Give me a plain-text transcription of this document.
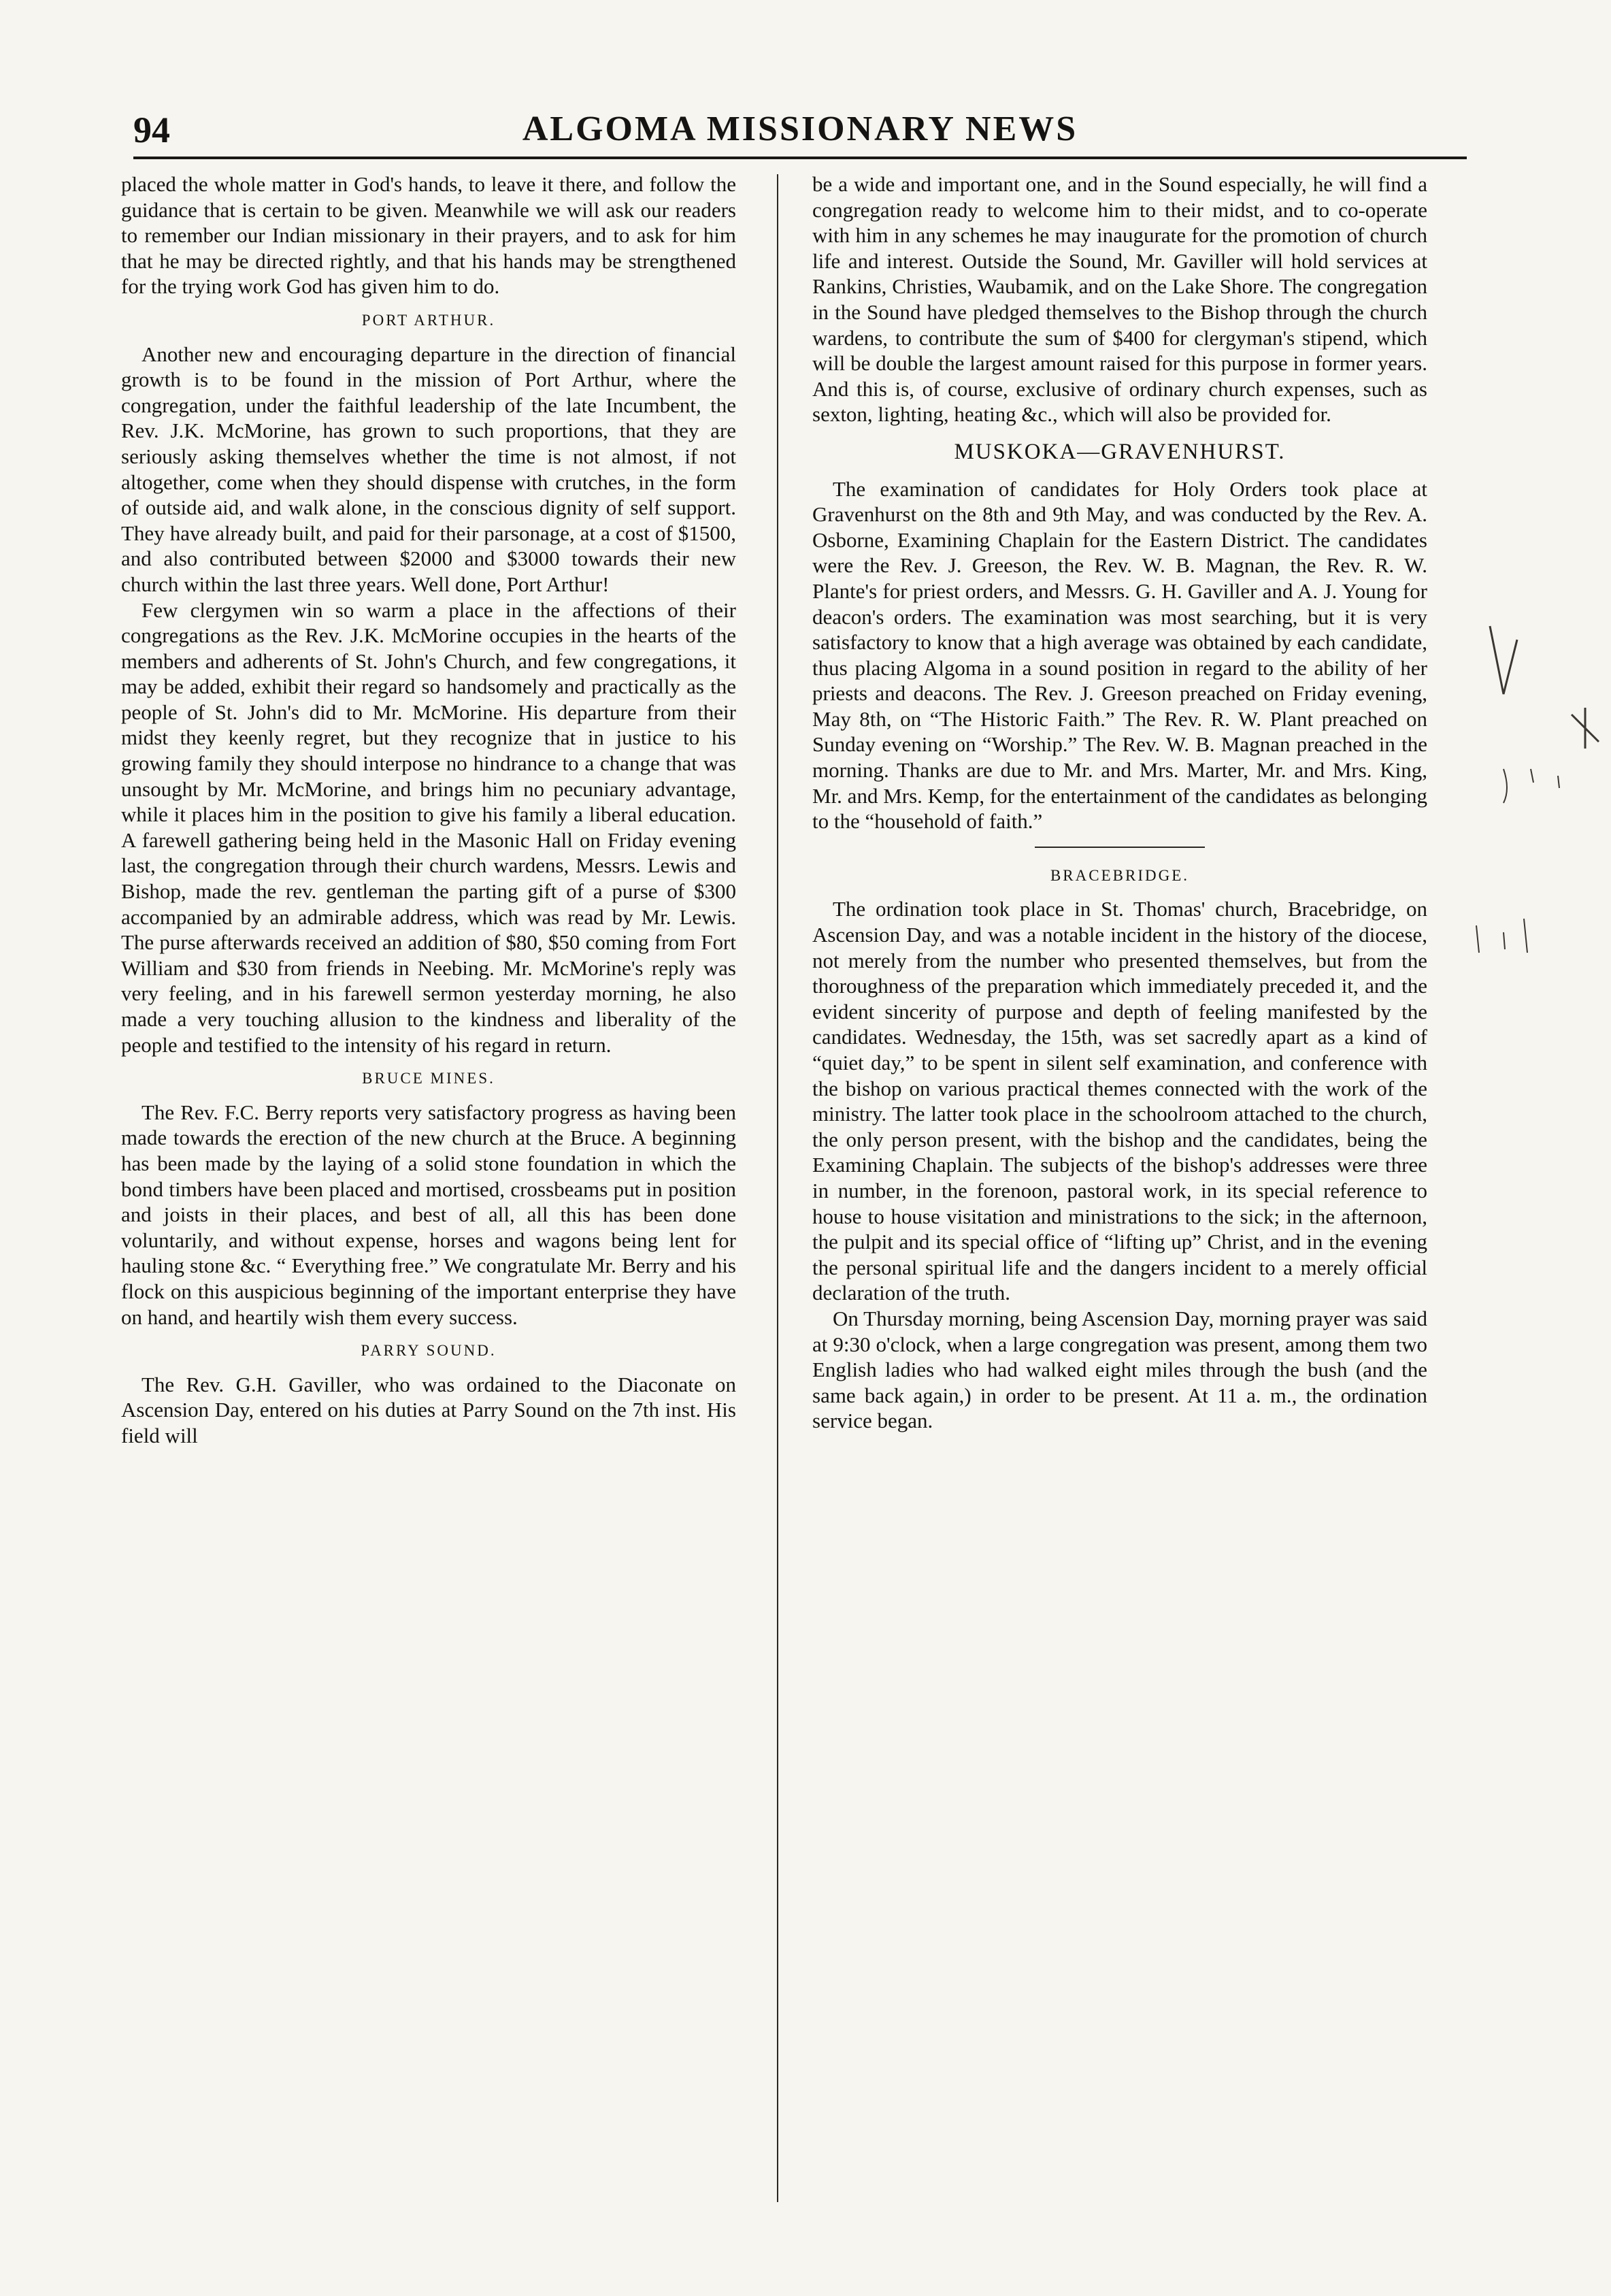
94	ALGOMA MISSIONARY NEWS

placed the whole matter in God's hands, to leave it there, and follow the guidance that is certain to be given. Meanwhile we will ask our readers to remember our Indian missionary in their prayers, and to ask for him that he may be directed rightly, and that his hands may be strengthened for the trying work God has given him to do.

PORT ARTHUR.

Another new and encouraging departure in the direction of financial growth is to be found in the mission of Port Arthur, where the congregation, under the faithful leadership of the late Incumbent, the Rev. J.K. McMorine, has grown to such proportions, that they are seriously asking themselves whether the time is not almost, if not altogether, come when they should dispense with crutches, in the form of outside aid, and walk alone, in the conscious dignity of self support. They have already built, and paid for their parsonage, at a cost of $1500, and also contributed between $2000 and $3000 towards their new church within the last three years. Well done, Port Arthur!

Few clergymen win so warm a place in the affections of their congregations as the Rev. J.K. McMorine occupies in the hearts of the members and adherents of St. John's Church, and few congregations, it may be added, exhibit their regard so handsomely and practically as the people of St. John's did to Mr. McMorine. His departure from their midst they keenly regret, but they recognize that in justice to his growing family they should interpose no hindrance to a change that was unsought by Mr. McMorine, and brings him no pecuniary advantage, while it places him in the position to give his family a liberal education. A farewell gathering being held in the Masonic Hall on Friday evening last, the congregation through their church wardens, Messrs. Lewis and Bishop, made the rev. gentleman the parting gift of a purse of $300 accompanied by an admirable address, which was read by Mr. Lewis. The purse afterwards received an addition of $80, $50 coming from Fort William and $30 from friends in Neebing. Mr. McMorine's reply was very feeling, and in his farewell sermon yesterday morning, he also made a very touching allusion to the kindness and liberality of the people and testified to the intensity of his regard in return.

BRUCE MINES.

The Rev. F.C. Berry reports very satisfactory progress as having been made towards the erection of the new church at the Bruce. A beginning has been made by the laying of a solid stone foundation in which the bond timbers have been placed and mortised, crossbeams put in position and joists in their places, and best of all, all this has been done voluntarily, and without expense, horses and wagons being lent for hauling stone &c. “ Everything free.” We congratulate Mr. Berry and his flock on this auspicious beginning of the important enterprise they have on hand, and heartily wish them every success.

PARRY SOUND.

The Rev. G.H. Gaviller, who was ordained to the Diaconate on Ascension Day, entered on his duties at Parry Sound on the 7th inst. His field will

be a wide and important one, and in the Sound especially, he will find a congregation ready to welcome him to their midst, and to co-operate with him in any schemes he may inaugurate for the promotion of church life and interest. Outside the Sound, Mr. Gaviller will hold services at Rankins, Christies, Waubamik, and on the Lake Shore. The congregation in the Sound have pledged themselves to the Bishop through the church wardens, to contribute the sum of $400 for clergyman's stipend, which will be double the largest amount raised for this purpose in former years. And this is, of course, exclusive of ordinary church expenses, such as sexton, lighting, heating &c., which will also be provided for.

MUSKOKA—GRAVENHURST.

The examination of candidates for Holy Orders took place at Gravenhurst on the 8th and 9th May, and was conducted by the Rev. A. Osborne, Examining Chaplain for the Eastern District. The candidates were the Rev. J. Greeson, the Rev. W. B. Magnan, the Rev. R. W. Plante's for priest orders, and Messrs. G. H. Gaviller and A. J. Young for deacon's orders. The examination was most searching, but it is very satisfactory to know that a high average was obtained by each candidate, thus placing Algoma in a sound position in regard to the ability of her priests and deacons. The Rev. J. Greeson preached on Friday evening, May 8th, on “The Historic Faith.” The Rev. R. W. Plant preached on Sunday evening on “Worship.” The Rev. W. B. Magnan preached in the morning. Thanks are due to Mr. and Mrs. Marter, Mr. and Mrs. King, Mr. and Mrs. Kemp, for the entertainment of the candidates as belonging to the “household of faith.”

BRACEBRIDGE.

The ordination took place in St. Thomas' church, Bracebridge, on Ascension Day, and was a notable incident in the history of the diocese, not merely from the number who presented themselves, but from the thoroughness of the preparation which immediately preceded it, and the evident sincerity of purpose and depth of feeling manifested by the candidates. Wednesday, the 15th, was set sacredly apart as a kind of “quiet day,” to be spent in silent self examination, and conference with the bishop on various practical themes connected with the work of the ministry. The latter took place in the schoolroom attached to the church, the only person present, with the bishop and the candidates, being the Examining Chaplain. The subjects of the bishop's addresses were three in number, in the forenoon, pastoral work, in its special reference to house to house visitation and ministrations to the sick; in the afternoon, the pulpit and its special office of “lifting up” Christ, and in the evening the personal spiritual life and the dangers incident to a merely official declaration of the truth.

On Thursday morning, being Ascension Day, morning prayer was said at 9:30 o'clock, when a large congregation was present, among them two English ladies who had walked eight miles through the bush (and the same back again,) in order to be present. At 11 a. m., the ordination service began.
